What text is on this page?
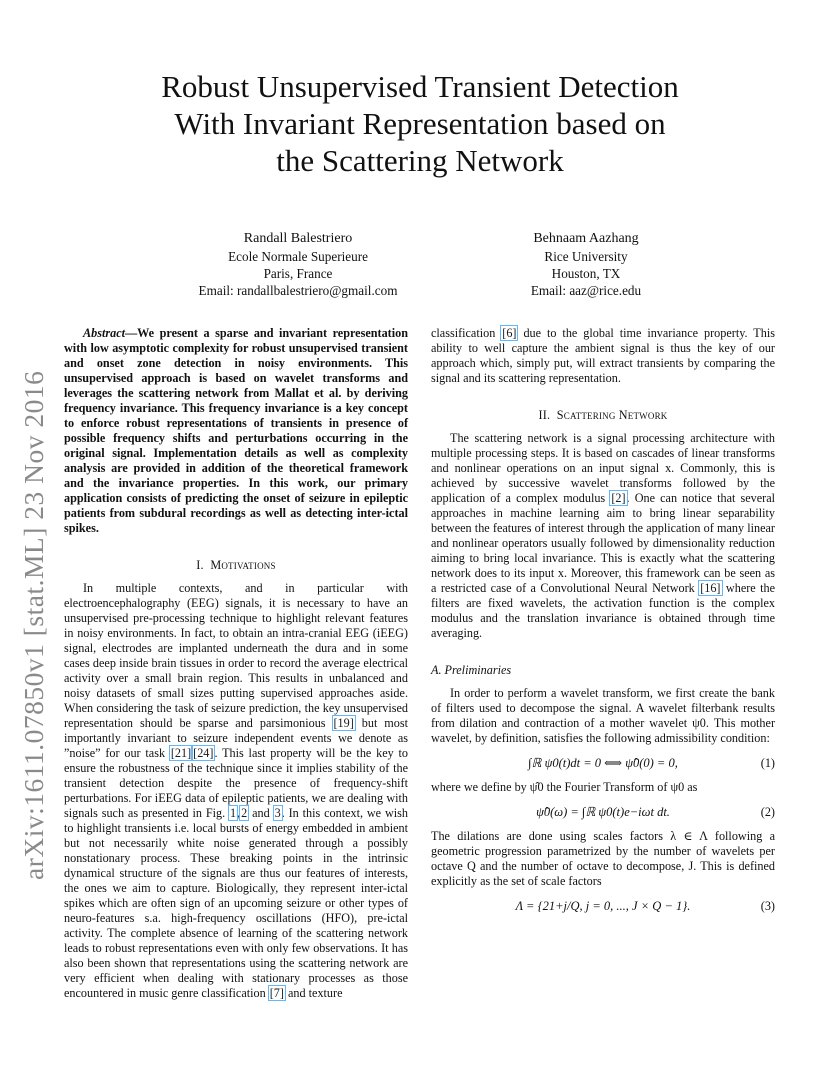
arXiv:1611.07850v1 [stat.ML] 23 Nov 2016
Robust Unsupervised Transient Detection
With Invariant Representation based on
the Scattering Network
Randall Balestriero
Ecole Normale Superieure
Paris, France
Email: randallbalestriero@gmail.com
Behnaam Aazhang
Rice University
Houston, TX
Email: aaz@rice.edu

Abstract—We present a sparse and invariant representation with low asymptotic complexity for robust unsupervised transient and onset zone detection in noisy environments. This unsupervised approach is based on wavelet transforms and leverages the scattering network from Mallat et al. by deriving frequency invariance. This frequency invariance is a key concept to enforce robust representations of transients in presence of possible frequency shifts and perturbations occurring in the original signal. Implementation details as well as complexity analysis are provided in addition of the theoretical framework and the invariance properties. In this work, our primary application consists of predicting the onset of seizure in epileptic patients from subdural recordings as well as detecting inter-ictal spikes.

I. Motivations

In multiple contexts, and in particular with electroencephalography (EEG) signals, it is necessary to have an unsupervised pre-processing technique to highlight relevant features in noisy environments. In fact, to obtain an intra-cranial EEG (iEEG) signal, electrodes are implanted underneath the dura and in some cases deep inside brain tissues in order to record the average electrical activity over a small brain region. This results in unbalanced and noisy datasets of small sizes putting supervised approaches aside. When considering the task of seizure prediction, the key unsupervised representation should be sparse and parsimonious [19] but most importantly invariant to seizure independent events we denote as ”noise” for our task [21] [24]. This last property will be the key to ensure the robustness of the technique since it implies stability of the transient detection despite the presence of frequency-shift perturbations. For iEEG data of epileptic patients, we are dealing with signals such as presented in Fig. 1,2 and 3. In this context, we wish to highlight transients i.e. local bursts of energy embedded in ambient but not necessarily white noise generated through a possibly nonstationary process. These breaking points in the intrinsic dynamical structure of the signals are thus our features of interests, the ones we aim to capture. Biologically, they represent inter-ictal spikes which are often sign of an upcoming seizure or other types of neuro-features s.a. high-frequency oscillations (HFO), pre-ictal activity. The complete absence of learning of the scattering network leads to robust representations even with only few observations. It has also been shown that representations using the scattering network are very efficient when dealing with stationary processes as those encountered in music genre classification [7] and texture

classification [6] due to the global time invariance property. This ability to well capture the ambient signal is thus the key of our approach which, simply put, will extract transients by comparing the signal and its scattering representation.

II. Scattering Network

The scattering network is a signal processing architecture with multiple processing steps. It is based on cascades of linear transforms and nonlinear operations on an input signal x. Commonly, this is achieved by successive wavelet transforms followed by the application of a complex modulus [2]. One can notice that several approaches in machine learning aim to bring linear separability between the features of interest through the application of many linear and nonlinear operators usually followed by dimensionality reduction aiming to bring local invariance. This is exactly what the scattering network does to its input x. Moreover, this framework can be seen as a restricted case of a Convolutional Neural Network [16] where the filters are fixed wavelets, the activation function is the complex modulus and the translation invariance is obtained through time averaging.

A. Preliminaries

In order to perform a wavelet transform, we first create the bank of filters used to decompose the signal. A wavelet filterbank results from dilation and contraction of a mother wavelet ψ0. This mother wavelet, by definition, satisfies the following admissibility condition:

∫ℝ ψ0(t)dt = 0 ⟺ ψ̂0(0) = 0,	(1)

where we define by ψ̂0 the Fourier Transform of ψ0 as

ψ̂0(ω) = ∫ℝ ψ0(t)e−iωt dt.	(2)

The dilations are done using scales factors λ ∈ Λ following a geometric progression parametrized by the number of wavelets per octave Q and the number of octave to decompose, J. This is defined explicitly as the set of scale factors

Λ = {21+j/Q, j = 0, ..., J × Q − 1}.	(3)
